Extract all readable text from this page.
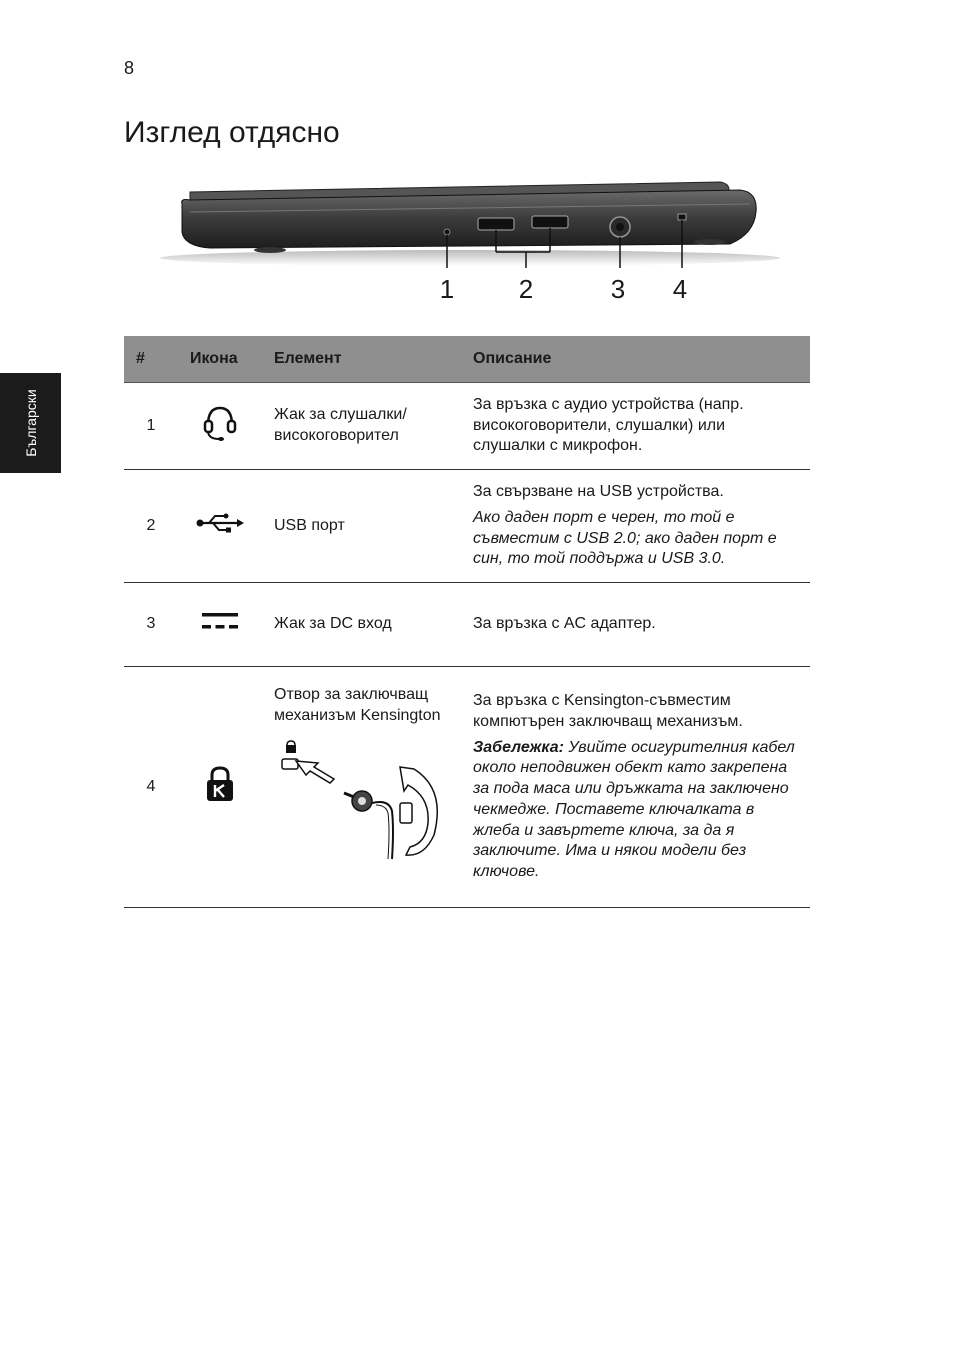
8
Изглед отдясно
Български
1 2	3 4
#	Икона	Елемент	Описание
1		Жак за слушалки/ високоговорител	За връзка с аудио устройства (напр. високоговорители, слушалки) или слушалки с микрофон.

2		USB порт	За свързване на USB устройства.

Ако даден порт е черен, то той е съвместим с USB 2.0; ако даден порт е син, то той поддържа и USB 3.0.

3		Жак за DC вход	За връзка с AC адаптер.

4		Отвор за заключващ механизъм Kensington	За връзка с Kensington-съвместим компютърен заключващ механизъм.

Забележка: Увийте осигурителния кабел около неподвижен обект като закрепена за пода маса или дръжката на заключено чекмедже. Поставете ключалката в жлеба и завъртете ключа, за да я заключите. Има и някои модели без ключове.
